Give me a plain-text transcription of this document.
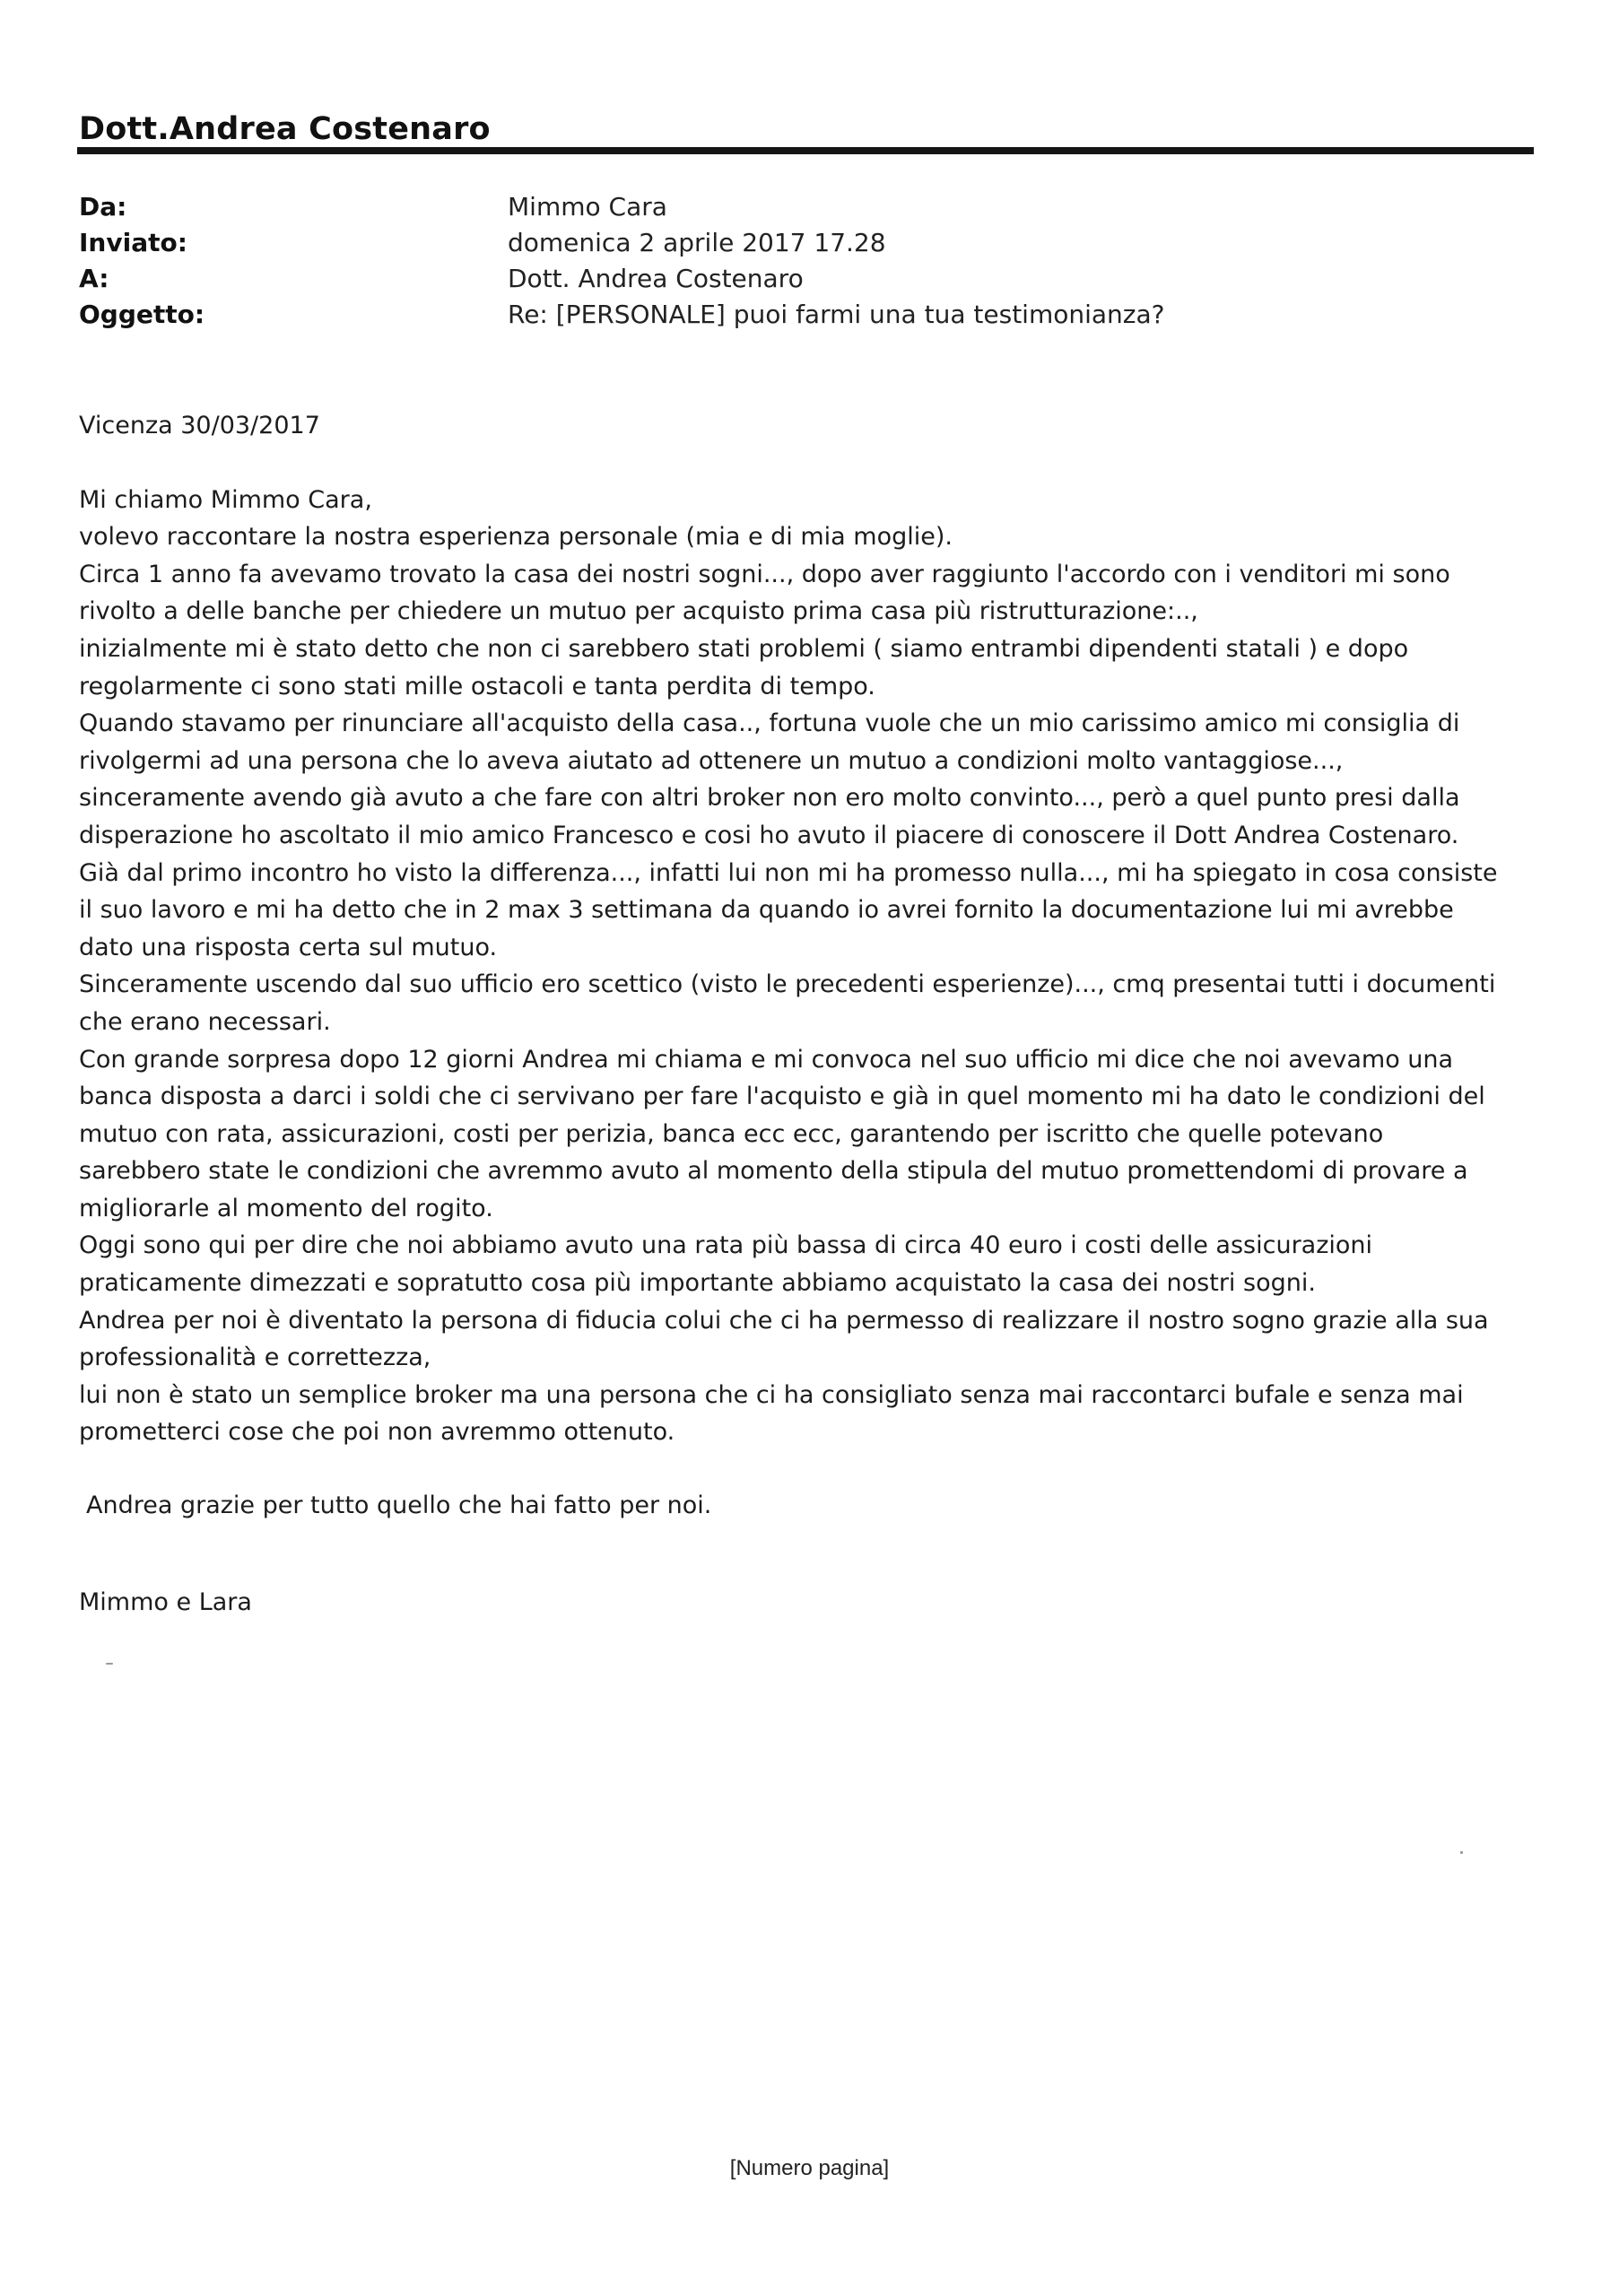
Dott.Andrea Costenaro
Da:	Mimmo Cara
Inviato:	domenica 2 aprile 2017 17.28
A:	Dott. Andrea Costenaro
Oggetto:	Re: [PERSONALE] puoi farmi una tua testimonianza?

Vicenza 30/03/2017

Mi chiamo Mimmo Cara,

volevo raccontare la nostra esperienza personale (mia e di mia moglie).

Circa 1 anno fa avevamo trovato la casa dei nostri sogni..., dopo aver raggiunto l'accordo con i venditori mi sono

rivolto a delle banche per chiedere un mutuo per acquisto prima casa più ristrutturazione:..,

inizialmente mi è stato detto che non ci sarebbero stati problemi ( siamo entrambi dipendenti statali ) e dopo

regolarmente ci sono stati mille ostacoli e tanta perdita di tempo.

Quando stavamo per rinunciare all'acquisto della casa.., fortuna vuole che un mio carissimo amico mi consiglia di

rivolgermi ad una persona che lo aveva aiutato ad ottenere un mutuo a condizioni molto vantaggiose...,

sinceramente avendo già avuto a che fare con altri broker non ero molto convinto..., però a quel punto presi dalla

disperazione ho ascoltato il mio amico Francesco e cosi ho avuto il piacere di conoscere il Dott Andrea Costenaro.

Già dal primo incontro ho visto la differenza..., infatti lui non mi ha promesso nulla..., mi ha spiegato in cosa consiste

il suo lavoro e mi ha detto che in 2 max 3 settimana da quando io avrei fornito la documentazione lui mi avrebbe

dato una risposta certa sul mutuo.

Sinceramente uscendo dal suo ufficio ero scettico (visto le precedenti esperienze)..., cmq presentai tutti i documenti

che erano necessari.

Con grande sorpresa dopo 12 giorni Andrea mi chiama e mi convoca nel suo ufficio mi dice che noi avevamo una

banca disposta a darci i soldi che ci servivano per fare l'acquisto e già in quel momento mi ha dato le condizioni del

mutuo con rata, assicurazioni, costi per perizia, banca ecc ecc, garantendo per iscritto che quelle potevano

sarebbero state le condizioni che avremmo avuto al momento della stipula del mutuo promettendomi di provare a

migliorarle al momento del rogito.

Oggi sono qui per dire che noi abbiamo avuto una rata più bassa di circa 40 euro i costi delle assicurazioni

praticamente dimezzati e sopratutto cosa più importante abbiamo acquistato la casa dei nostri sogni.

Andrea per noi è diventato la persona di fiducia colui che ci ha permesso di realizzare il nostro sogno grazie alla sua

professionalità e correttezza,

lui non è stato un semplice broker ma una persona che ci ha consigliato senza mai raccontarci bufale e senza mai

prometterci cose che poi non avremmo ottenuto.

Andrea grazie per tutto quello che hai fatto per noi.

Mimmo e Lara

[Numero pagina]
